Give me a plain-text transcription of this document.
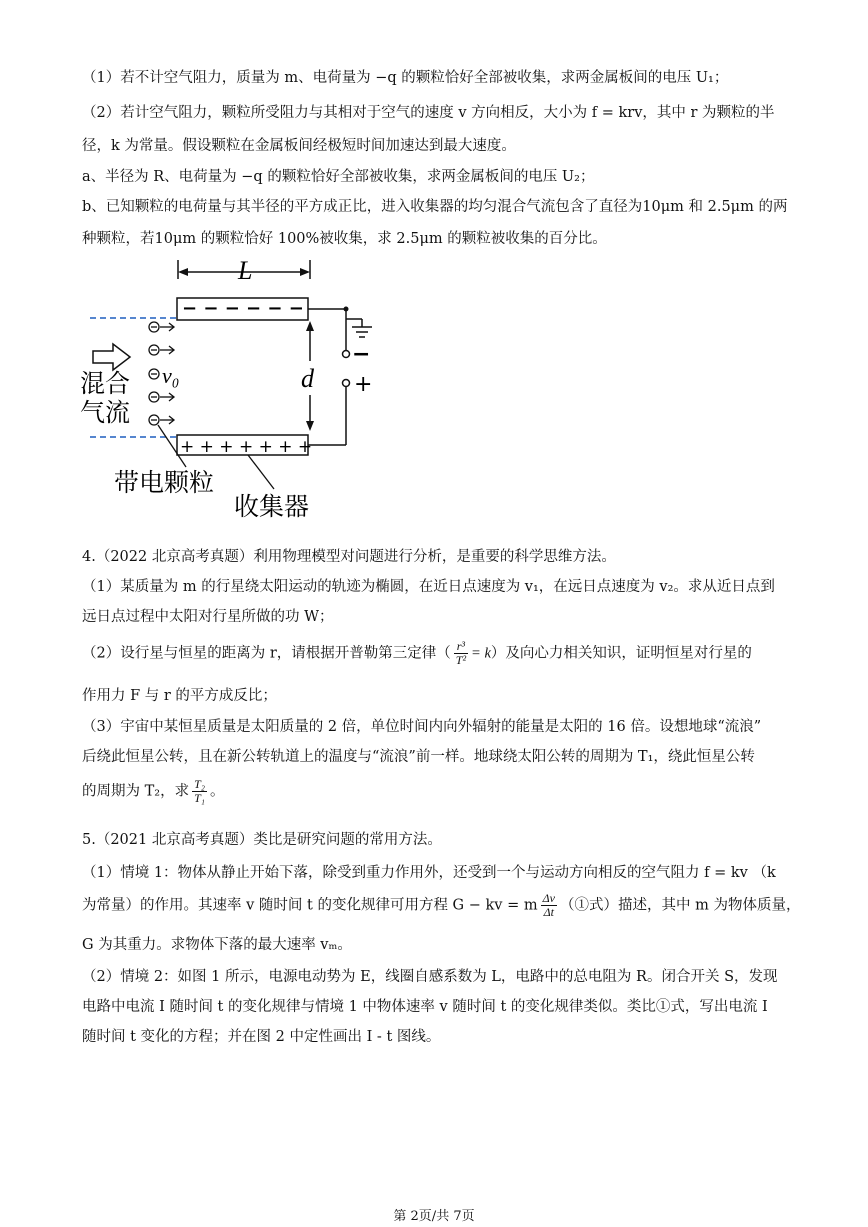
（1）若不计空气阻力，质量为 m、电荷量为 −q 的颗粒恰好全部被收集，求两金属板间的电压 U₁；
（2）若计空气阻力，颗粒所受阻力与其相对于空气的速度 v 方向相反，大小为 f = krv，其中 r 为颗粒的半
径，k 为常量。假设颗粒在金属板间经极短时间加速达到最大速度。
a、半径为 R、电荷量为 −q 的颗粒恰好全部被收集，求两金属板间的电压 U₂；
b、已知颗粒的电荷量与其半径的平方成正比，进入收集器的均匀混合气流包含了直径为10μm 和 2.5μm 的两
种颗粒，若10μm 的颗粒恰好 100%被收集，求 2.5μm 的颗粒被收集的百分比。
L
− − − − − −
+ + + + + + +
−
+
d
v₀
混合
气流
带电颗粒
收集器
4.（2022 北京高考真题）利用物理模型对问题进行分析，是重要的科学思维方法。
（1）某质量为 m 的行星绕太阳运动的轨迹为椭圆，在近日点速度为 v₁，在远日点速度为 v₂。求从近日点到
远日点过程中太阳对行星所做的功 W；
（2）设行星与恒星的距离为 r，请根据开普勒第三定律（ $\frac{\text{r³}}{\text{T²}} = k$）及向心力相关知识，证明恒星对行星的
作用力 F 与 r 的平方成反比；
（3）宇宙中某恒星质量是太阳质量的 2 倍，单位时间内向外辐射的能量是太阳的 16 倍。设想地球“流浪”
后绕此恒星公转，且在新公转轨道上的温度与“流浪”前一样。地球绕太阳公转的周期为 T₁，绕此恒星公转
的周期为 T₂，求 $\frac{\text{T₂}}{\text{T₁}}$ 。
5.（2021 北京高考真题）类比是研究问题的常用方法。
（1）情境 1：物体从静止开始下落，除受到重力作用外，还受到一个与运动方向相反的空气阻力 f = kv （k
为常量）的作用。其速率 v 随时间 t 的变化规律可用方程 G − kv = m $\frac{\Delta v}{\Delta t}$ （①式）描述，其中 m 为物体质量，
G 为其重力。求物体下落的最大速率 vₘ。
（2）情境 2：如图 1 所示，电源电动势为 E，线圈自感系数为 L，电路中的总电阻为 R。闭合开关 S，发现
电路中电流 I 随时间 t 的变化规律与情境 1 中物体速率 v 随时间 t 的变化规律类似。类比①式，写出电流 I
随时间 t 变化的方程；并在图 2 中定性画出 I - t 图线。
第 2页/共 7页
